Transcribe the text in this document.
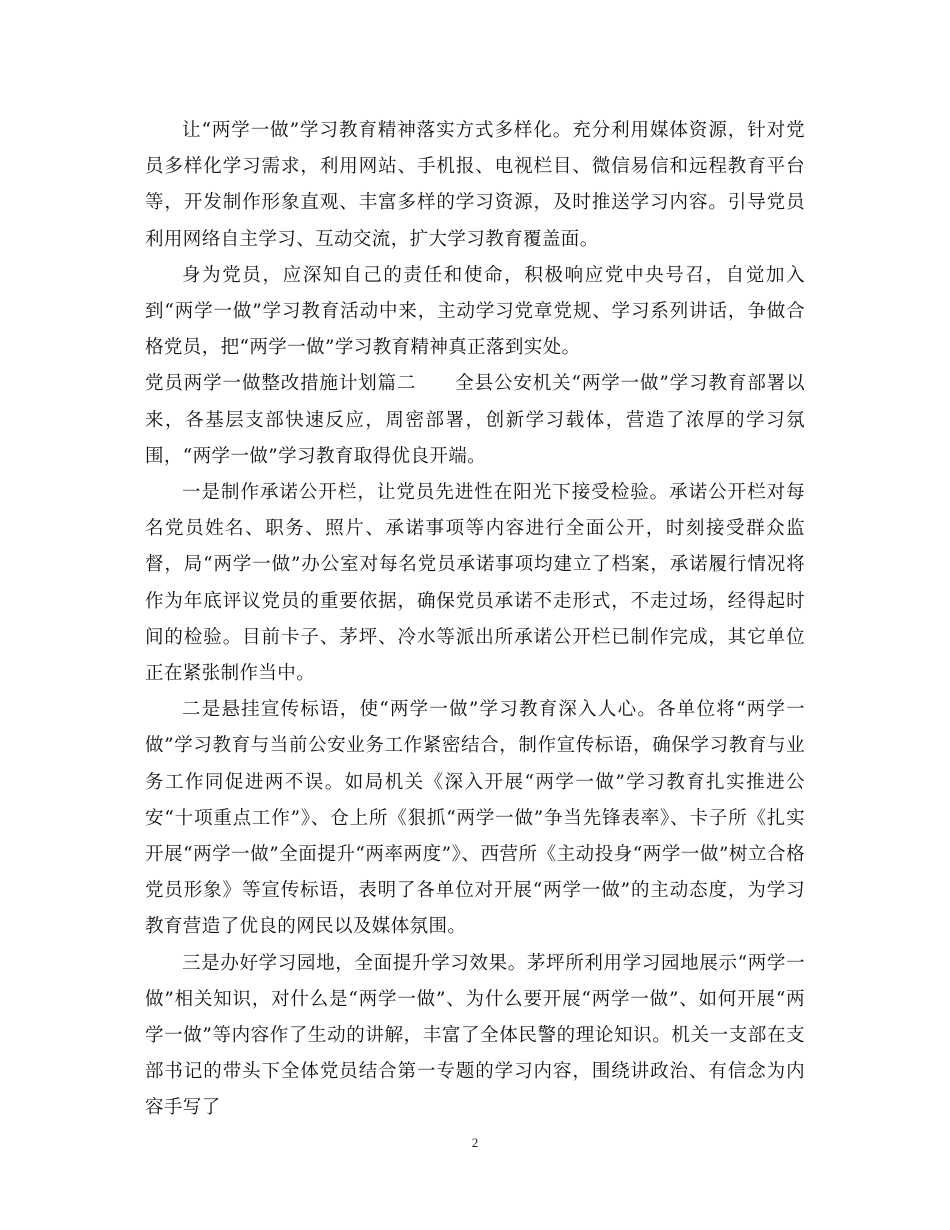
让“两学一做”学习教育精神落实方式多样化。充分利用媒体资源，针对党员多样化学习需求，利用网站、手机报、电视栏目、微信易信和远程教育平台等，开发制作形象直观、丰富多样的学习资源，及时推送学习内容。引导党员利用网络自主学习、互动交流，扩大学习教育覆盖面。

身为党员，应深知自己的责任和使命，积极响应党中央号召，自觉加入到“两学一做”学习教育活动中来，主动学习党章党规、学习系列讲话，争做合格党员，把“两学一做”学习教育精神真正落到实处。

党员两学一做整改措施计划篇二　　全县公安机关“两学一做”学习教育部署以来，各基层支部快速反应，周密部署，创新学习载体，营造了浓厚的学习氛围，“两学一做”学习教育取得优良开端。

一是制作承诺公开栏，让党员先进性在阳光下接受检验。承诺公开栏对每名党员姓名、职务、照片、承诺事项等内容进行全面公开，时刻接受群众监督，局“两学一做”办公室对每名党员承诺事项均建立了档案，承诺履行情况将作为年底评议党员的重要依据，确保党员承诺不走形式，不走过场，经得起时间的检验。目前卡子、茅坪、冷水等派出所承诺公开栏已制作完成，其它单位正在紧张制作当中。

二是悬挂宣传标语，使“两学一做”学习教育深入人心。各单位将“两学一做”学习教育与当前公安业务工作紧密结合，制作宣传标语，确保学习教育与业务工作同促进两不误。如局机关《深入开展“两学一做”学习教育扎实推进公安“十项重点工作”》、仓上所《狠抓“两学一做”争当先锋表率》、卡子所《扎实开展“两学一做”全面提升“两率两度”》、西营所《主动投身“两学一做”树立合格党员形象》等宣传标语，表明了各单位对开展“两学一做”的主动态度，为学习教育营造了优良的网民以及媒体氛围。

三是办好学习园地，全面提升学习效果。茅坪所利用学习园地展示“两学一做”相关知识，对什么是“两学一做”、为什么要开展“两学一做”、如何开展“两学一做”等内容作了生动的讲解，丰富了全体民警的理论知识。机关一支部在支部书记的带头下全体党员结合第一专题的学习内容，围绕讲政治、有信念为内容手写了

2
